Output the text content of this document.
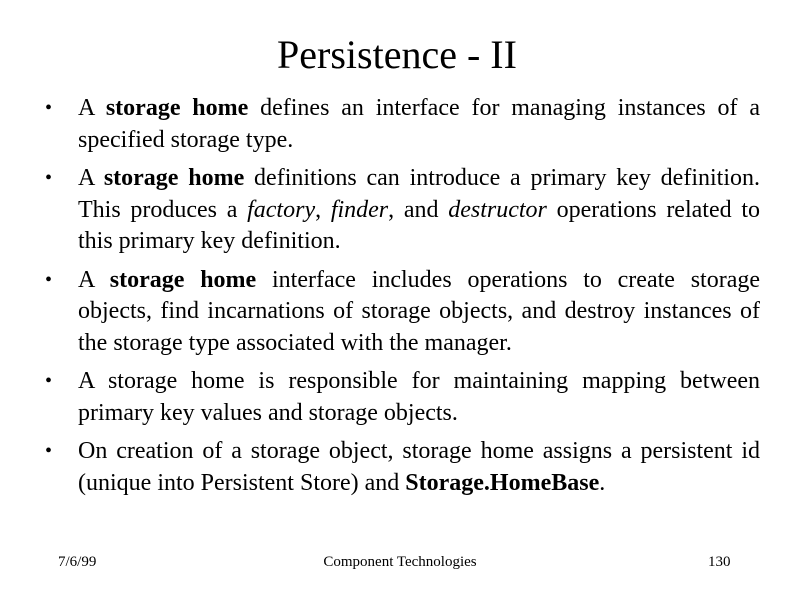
Persistence - II
• A storage home defines an interface for managing instances of a specified storage type.
• A storage home definitions can introduce a primary key definition. This produces a factory, finder, and destructor operations related to this primary key definition.
• A storage home interface includes operations to create storage objects, find incarnations of storage objects, and destroy instances of the storage type associated with the manager.
• A storage home is responsible for maintaining mapping between primary key values and storage objects.
• On creation of a storage object, storage home assigns a persistent id (unique into Persistent Store) and Storage.HomeBase.
7/6/99	Component Technologies	130
